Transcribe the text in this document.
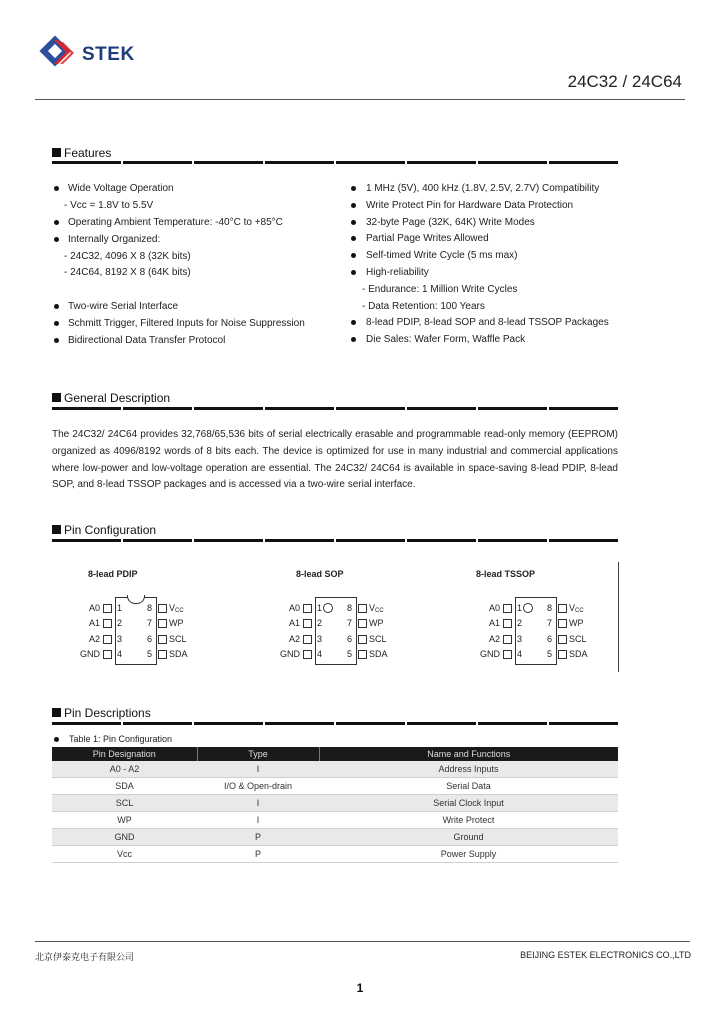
STEK
24C32 / 24C64
Features
Wide Voltage Operation
- Vcc = 1.8V to 5.5V
Operating Ambient Temperature: -40°C to +85°C
Internally Organized:
- 24C32, 4096 X 8 (32K bits)
- 24C64, 8192 X 8 (64K bits)
Two-wire Serial Interface
Schmitt Trigger, Filtered Inputs for Noise Suppression
Bidirectional Data Transfer Protocol
1 MHz (5V), 400 kHz (1.8V, 2.5V, 2.7V) Compatibility
Write Protect Pin for Hardware Data Protection
32-byte Page (32K, 64K) Write Modes
Partial Page Writes Allowed
Self-timed Write Cycle (5 ms max)
High-reliability
- Endurance: 1 Million Write Cycles
- Data Retention: 100 Years
8-lead PDIP, 8-lead SOP and 8-lead TSSOP Packages
Die Sales: Wafer Form, Waffle Pack
General Description

The 24C32/ 24C64 provides 32,768/65,536 bits of serial electrically erasable and programmable read-only memory (EEPROM) organized as 4096/8192 words of 8 bits each. The device is optimized for use in many industrial and commercial applications where low-power and low-voltage operation are essential. The 24C32/ 24C64 is available in space-saving 8-lead PDIP, 8-lead SOP, and 8-lead TSSOP packages and is accessed via a two-wire serial interface.

Pin Configuration
8-lead PDIP
A0 1
A1 2
A2 3
GND 4
8 VCC
7 WP
6 SCL
5 SDA
8-lead SOP
A0 1
A1 2
A2 3
GND 4
8 VCC
7 WP
6 SCL
5 SDA
8-lead TSSOP
A0 1
A1 2
A2 3
GND 4
8 VCC
7 WP
6 SCL
5 SDA
Pin Descriptions
Table 1: Pin Configuration
Pin Designation	Type	Name and Functions
A0 - A2	I	Address Inputs
SDA	I/O & Open-drain	Serial Data
SCL	I	Serial Clock Input
WP	I	Write Protect
GND	P	Ground
Vcc	P	Power Supply
北京伊泰克电子有限公司	BEIJING ESTEK ELECTRONICS CO.,LTD
1
